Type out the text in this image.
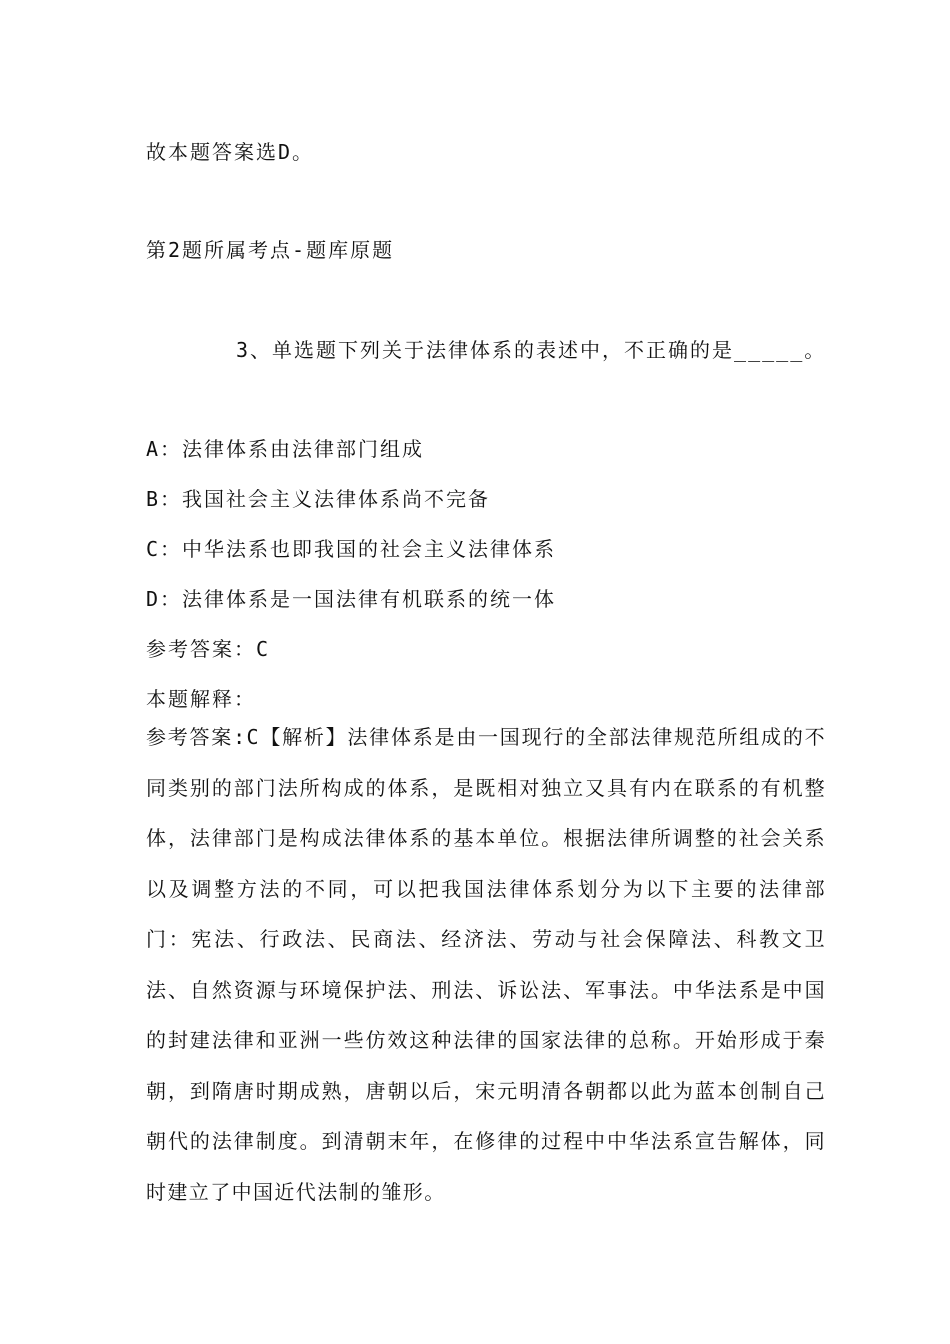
故本题答案选D。
第2题所属考点-题库原题
3、单选题下列关于法律体系的表述中，不正确的是_____。
A：法律体系由法律部门组成
B：我国社会主义法律体系尚不完备
C：中华法系也即我国的社会主义法律体系
D：法律体系是一国法律有机联系的统一体
参考答案：C
本题解释：
参考答案:C【解析】法律体系是由一国现行的全部法律规范所组成的不同类别的部门法所构成的体系，是既相对独立又具有内在联系的有机整体，法律部门是构成法律体系的基本单位。根据法律所调整的社会关系以及调整方法的不同，可以把我国法律体系划分为以下主要的法律部门：宪法、行政法、民商法、经济法、劳动与社会保障法、科教文卫法、自然资源与环境保护法、刑法、诉讼法、军事法。中华法系是中国的封建法律和亚洲一些仿效这种法律的国家法律的总称。开始形成于秦朝，到隋唐时期成熟，唐朝以后，宋元明清各朝都以此为蓝本创制自己朝代的法律制度。到清朝末年，在修律的过程中中华法系宣告解体，同时建立了中国近代法制的雏形。
